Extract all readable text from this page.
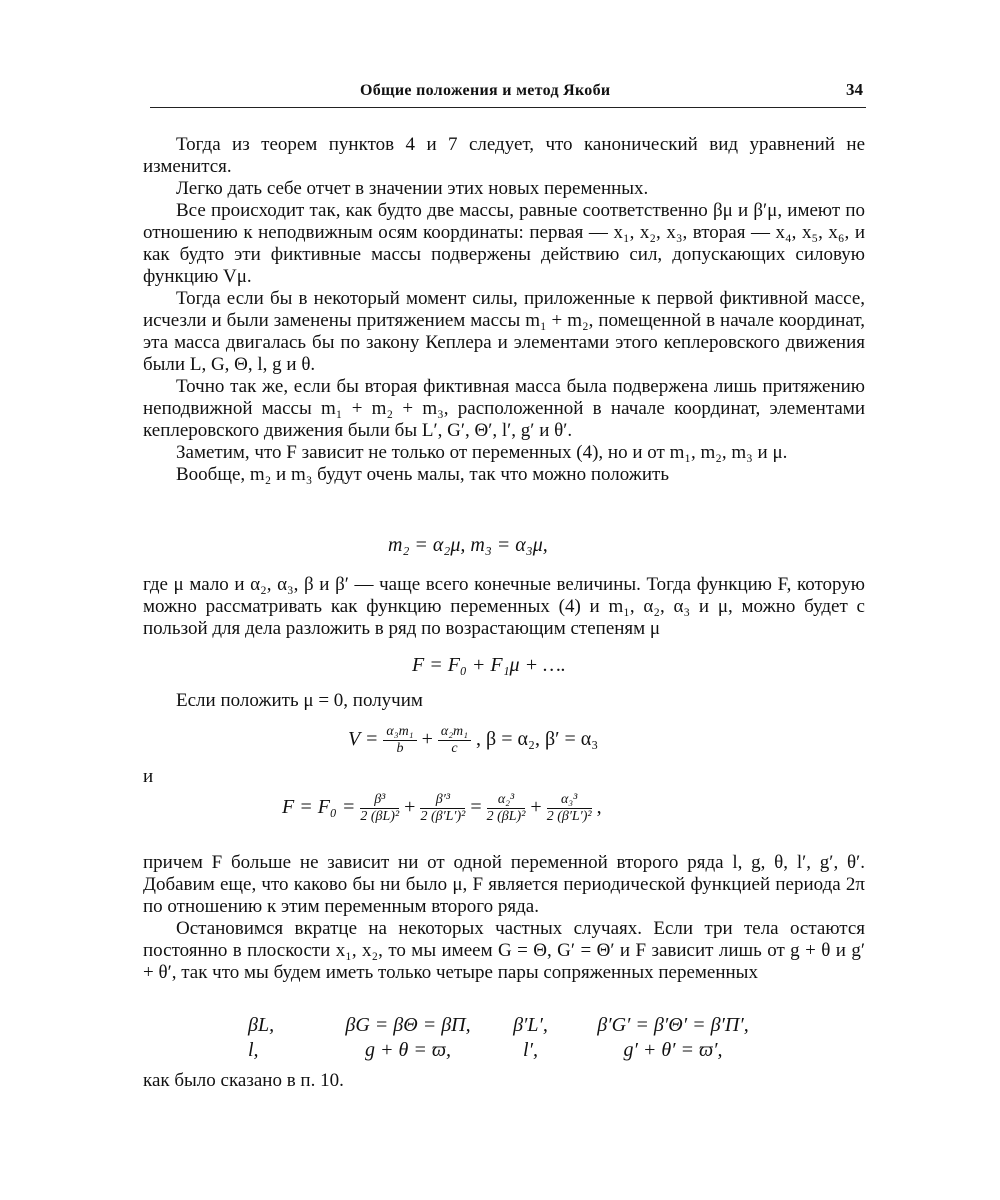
Общие положения и метод Якоби	34

Тогда из теорем пунктов 4 и 7 следует, что канонический вид уравнений не изменится.

Легко дать себе отчет в значении этих новых переменных.

Все происходит так, как будто две массы, равные соответственно βμ и β′μ, имеют по отношению к неподвижным осям координаты: первая — x₁, x₂, x₃, вторая — x₄, x₅, x₆, и как будто эти фиктивные массы подвержены действию сил, допускающих силовую функцию Vμ.

Тогда если бы в некоторый момент силы, приложенные к первой фиктивной массе, исчезли и были заменены притяжением массы m₁ + m₂, помещенной в начале координат, эта масса двигалась бы по закону Кеплера и элементами этого кеплеровского движения были L, G, Θ, l, g и θ.

Точно так же, если бы вторая фиктивная масса была подвержена лишь притяжению неподвижной массы m₁ + m₂ + m₃, расположенной в начале координат, элементами кеплеровского движения были бы L′, G′, Θ′, l′, g′ и θ′.

Заметим, что F зависит не только от переменных (4), но и от m₁, m₂, m₃ и μ.

Вообще, m₂ и m₃ будут очень малы, так что можно положить

m₂ = α₂μ, m₃ = α₃μ,

где μ мало и α₂, α₃, β и β′ — чаще всего конечные величины. Тогда функцию F, которую можно рассматривать как функцию переменных (4) и m₁, α₂, α₃ и μ, можно будет с пользой для дела разложить в ряд по возрастающим степеням μ

F = F₀ + F₁μ + ….

Если положить μ = 0, получим

$V = \frac{\text{α₃m₁}}{b} + \frac{\text{α₂m₁}}{c}$ , β = α₂, β′ = α₃

и

$F = F_0 = \frac{\text{β³}}{\text{2 (βL)²}} + \frac{\text{β′³}}{\text{2 (β′L′)²}} = \frac{\text{α₂³}}{\text{2 (βL)²}} + \frac{\text{α₃³}}{\text{2 (β′L′)²}}$ ,

причем F больше не зависит ни от одной переменной второго ряда l, g, θ, l′, g′, θ′. Добавим еще, что каково бы ни было μ, F является периодической функцией периода 2π по отношению к этим переменным второго ряда.

Остановимся вкратце на некоторых частных случаях. Если три тела остаются постоянно в плоскости x₁, x₂, то мы имеем G = Θ, G′ = Θ′ и F зависит лишь от g + θ и g′ + θ′, так что мы будем иметь только четыре пары сопряженных переменных

βL,	βG = βΘ = βΠ,	β′L′,	β′G′ = β′Θ′ = β′Π′,
l,	g + θ = ϖ,	l′,	g′ + θ′ = ϖ′,

как было сказано в п. 10.
